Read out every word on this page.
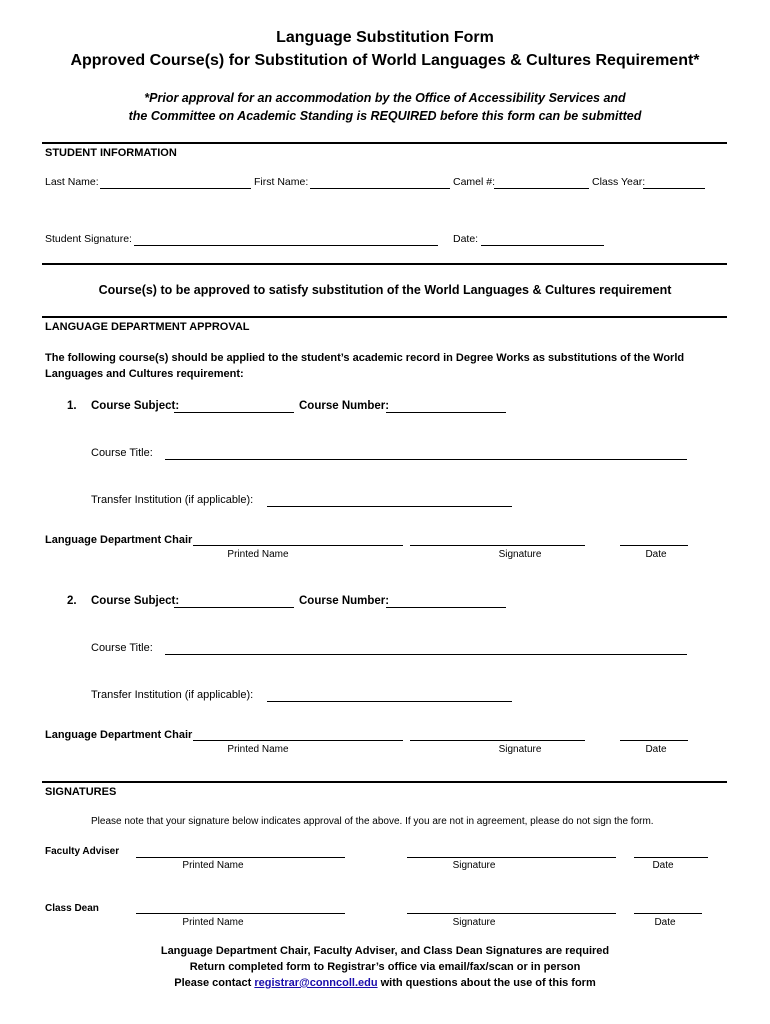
Language Substitution Form
Approved Course(s) for Substitution of World Languages & Cultures Requirement*
*Prior approval for an accommodation by the Office of Accessibility Services and
the Committee on Academic Standing is REQUIRED before this form can be submitted
STUDENT INFORMATION
Last Name:	First Name:	Camel #:	Class Year:
Student Signature:	Date:
Course(s) to be approved to satisfy substitution of the World Languages & Cultures requirement
LANGUAGE DEPARTMENT APPROVAL
The following course(s) should be applied to the student’s academic record in Degree Works as substitutions of the World Languages and Cultures requirement:
1. Course Subject:	Course Number:
Course Title:
Transfer Institution (if applicable):
Language Department Chair
Printed Name	Signature	Date
2. Course Subject:	Course Number:
Course Title:
Transfer Institution (if applicable):
Language Department Chair
Printed Name	Signature	Date
SIGNATURES
Please note that your signature below indicates approval of the above. If you are not in agreement, please do not sign the form.
Faculty Adviser
Printed Name	Signature	Date
Class Dean
Printed Name	Signature	Date
Language Department Chair, Faculty Adviser, and Class Dean Signatures are required
Return completed form to Registrar’s office via email/fax/scan or in person
Please contact registrar@conncoll.edu with questions about the use of this form
